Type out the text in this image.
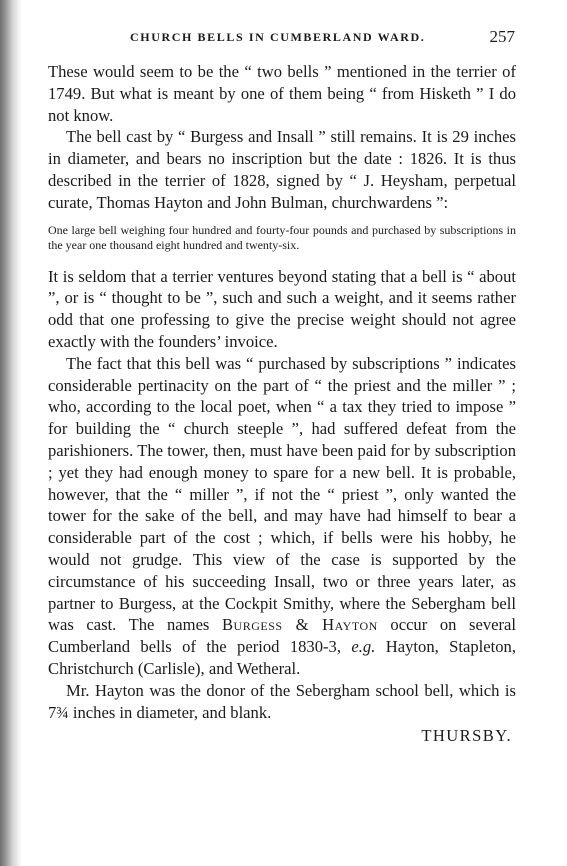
CHURCH BELLS IN CUMBERLAND WARD.	257

These would seem to be the “ two bells ” mentioned in the terrier of 1749. But what is meant by one of them being “ from Hisketh ” I do not know.

The bell cast by “ Burgess and Insall ” still remains. It is 29 inches in diameter, and bears no inscription but the date : 1826. It is thus described in the terrier of 1828, signed by “ J. Heysham, perpetual curate, Thomas Hayton and John Bulman, churchwardens ”:

One large bell weighing four hundred and fourty-four pounds and purchased by subscriptions in the year one thousand eight hundred and twenty-six.

It is seldom that a terrier ventures beyond stating that a bell is “ about ”, or is “ thought to be ”, such and such a weight, and it seems rather odd that one professing to give the precise weight should not agree exactly with the founders’ invoice.

The fact that this bell was “ purchased by subscriptions ” indicates considerable pertinacity on the part of “ the priest and the miller ” ; who, according to the local poet, when “ a tax they tried to impose ” for building the “ church steeple ”, had suffered defeat from the parishioners. The tower, then, must have been paid for by subscription ; yet they had enough money to spare for a new bell. It is probable, however, that the “ miller ”, if not the “ priest ”, only wanted the tower for the sake of the bell, and may have had himself to bear a considerable part of the cost ; which, if bells were his hobby, he would not grudge. This view of the case is supported by the circumstance of his succeeding Insall, two or three years later, as partner to Burgess, at the Cockpit Smithy, where the Sebergham bell was cast. The names Burgess & Hayton occur on several Cumberland bells of the period 1830-3, e.g. Hayton, Stapleton, Christchurch (Carlisle), and Wetheral.

Mr. Hayton was the donor of the Sebergham school bell, which is 7¾ inches in diameter, and blank.

THURSBY.
